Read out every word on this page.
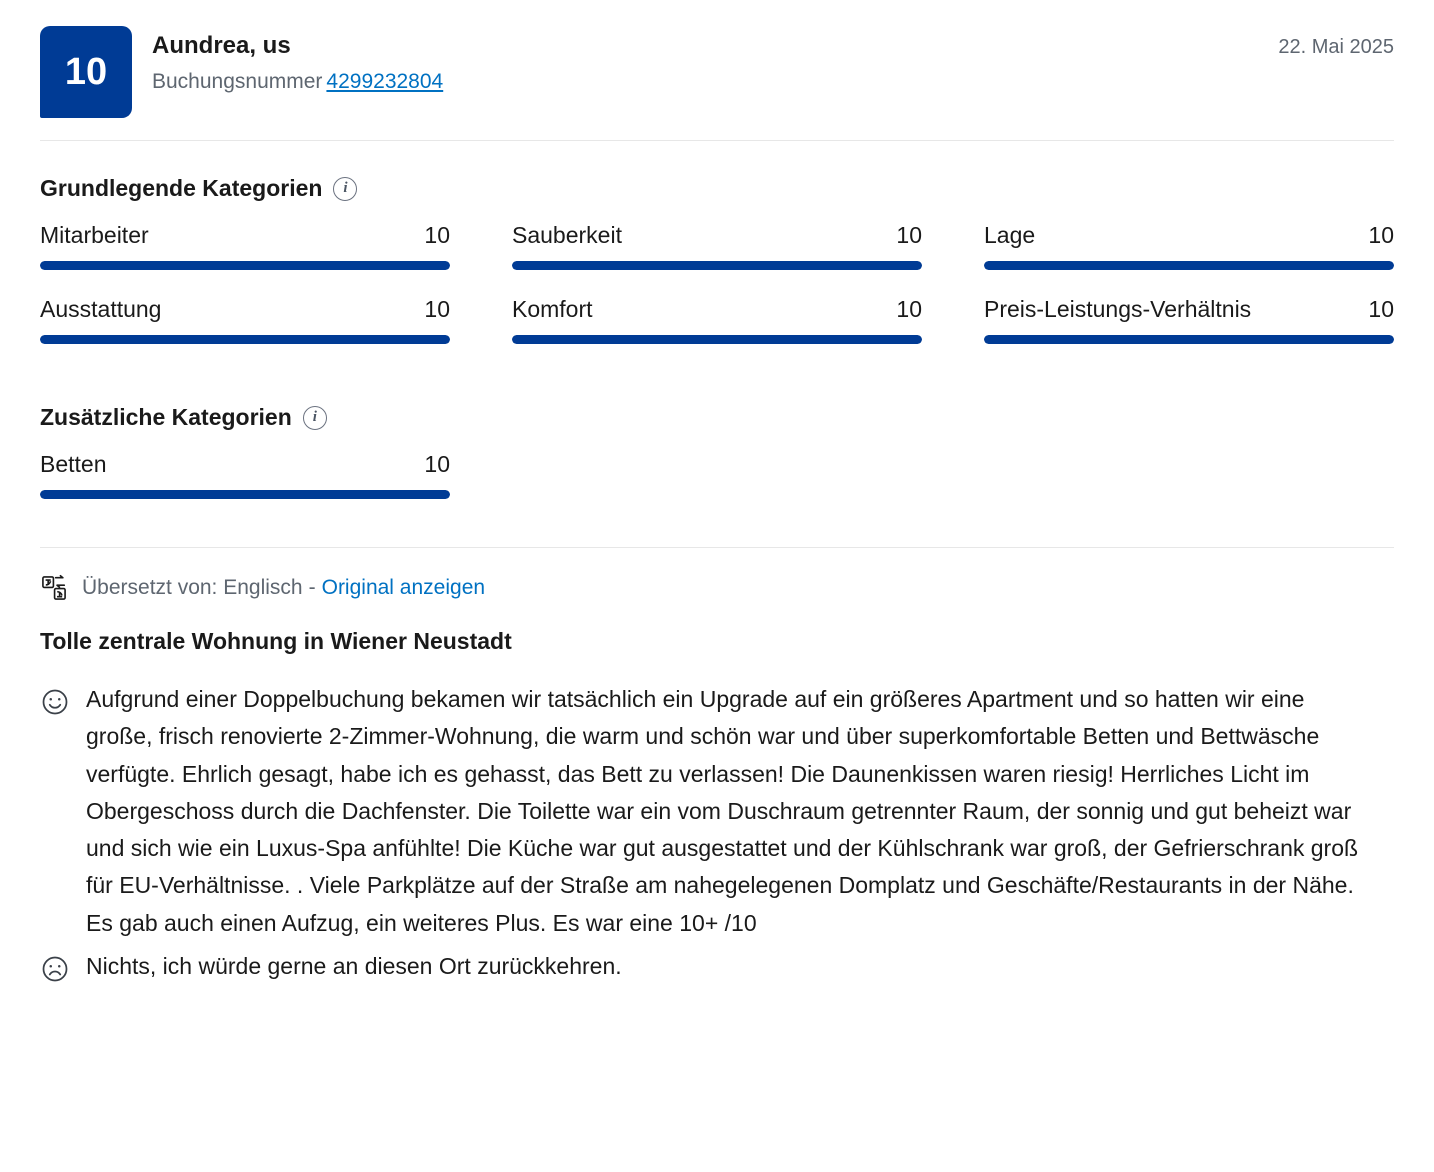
10
Aundrea, us
Buchungsnummer 4299232804
22. Mai 2025
Grundlegende Kategorien	i
Mitarbeiter	10	Sauberkeit	10	Lage	10
Ausstattung	10	Komfort	10	Preis-Leistungs-Verhältnis	10
Zusätzliche Kategorien	i
Betten	10
Übersetzt von: Englisch - Original anzeigen
Tolle zentrale Wohnung in Wiener Neustadt
Aufgrund einer Doppelbuchung bekamen wir tatsächlich ein Upgrade auf ein größeres Apartment und so hatten wir eine große, frisch renovierte 2-Zimmer-Wohnung, die warm und schön war und über superkomfortable Betten und Bettwäsche verfügte. Ehrlich gesagt, habe ich es gehasst, das Bett zu verlassen! Die Daunenkissen waren riesig! Herrliches Licht im Obergeschoss durch die Dachfenster. Die Toilette war ein vom Duschraum getrennter Raum, der sonnig und gut beheizt war und sich wie ein Luxus-Spa anfühlte! Die Küche war gut ausgestattet und der Kühlschrank war groß, der Gefrierschrank groß für EU-Verhältnisse. . Viele Parkplätze auf der Straße am nahegelegenen Domplatz und Geschäfte/Restaurants in der Nähe. Es gab auch einen Aufzug, ein weiteres Plus. Es war eine 10+ /10
Nichts, ich würde gerne an diesen Ort zurückkehren.
